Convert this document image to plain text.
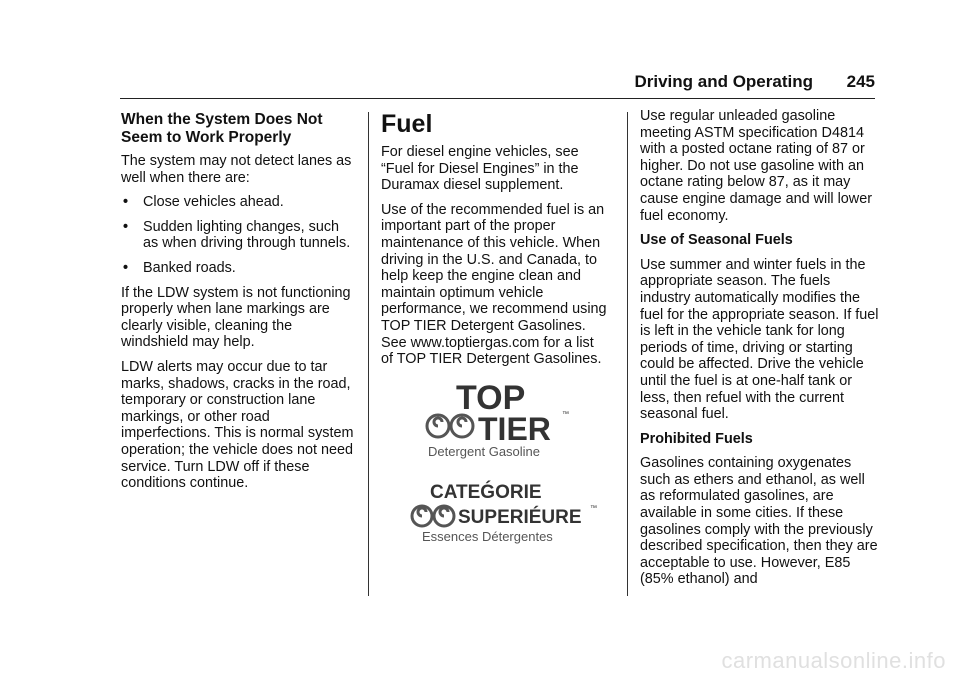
Driving and Operating 245
When the System Does Not Seem to Work Properly

The system may not detect lanes as well when there are:

• Close vehicles ahead.
• Sudden lighting changes, such as when driving through tunnels.
• Banked roads.

If the LDW system is not functioning properly when lane markings are clearly visible, cleaning the windshield may help.

LDW alerts may occur due to tar marks, shadows, cracks in the road, temporary or construction lane markings, or other road imperfections. This is normal system operation; the vehicle does not need service. Turn LDW off if these conditions continue.

Fuel

For diesel engine vehicles, see “Fuel for Diesel Engines” in the Duramax diesel supplement.

Use of the recommended fuel is an important part of the proper maintenance of this vehicle. When driving in the U.S. and Canada, to help keep the engine clean and maintain optimum vehicle performance, we recommend using TOP TIER Detergent Gasolines. See www.toptiergas.com for a list of TOP TIER Detergent Gasolines.

TOP
TIER ™
Detergent Gasoline
CATEǴORIE
SUPERIÉURE ™
Essences Détergentes

Use regular unleaded gasoline meeting ASTM specification D4814 with a posted octane rating of 87 or higher. Do not use gasoline with an octane rating below 87, as it may cause engine damage and will lower fuel economy.

Use of Seasonal Fuels

Use summer and winter fuels in the appropriate season. The fuels industry automatically modifies the fuel for the appropriate season. If fuel is left in the vehicle tank for long periods of time, driving or starting could be affected. Drive the vehicle until the fuel is at one-half tank or less, then refuel with the current seasonal fuel.

Prohibited Fuels

Gasolines containing oxygenates such as ethers and ethanol, as well as reformulated gasolines, are available in some cities. If these gasolines comply with the previously described specification, then they are acceptable to use. However, E85 (85% ethanol) and

carmanualsonline.info
